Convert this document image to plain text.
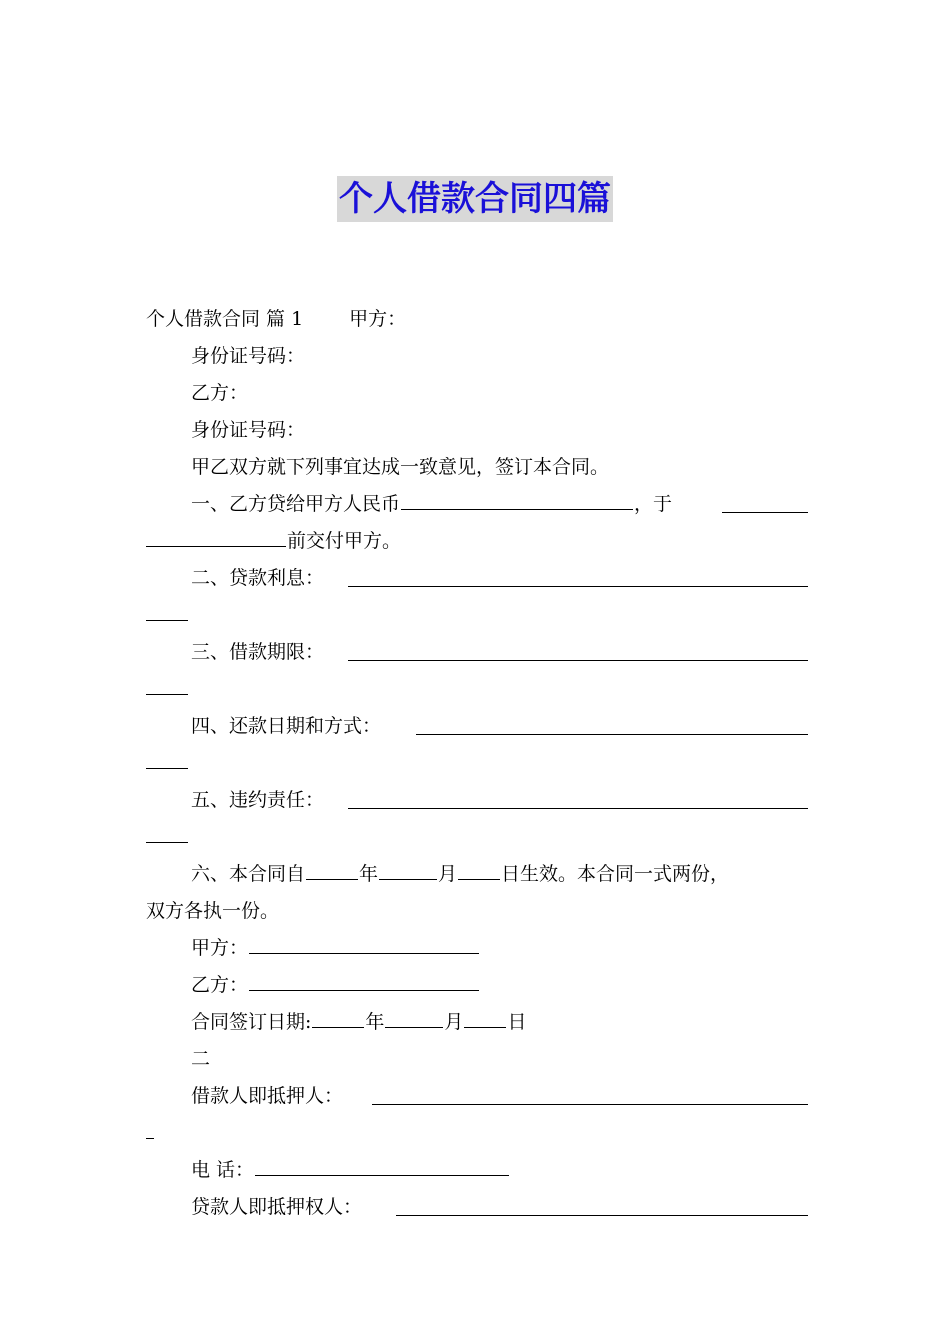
个人借款合同四篇
个人借款合同 篇 1 甲方：
身份证号码：
乙方：
身份证号码：
甲乙双方就下列事宜达成一致意见，签订本合同。
一、乙方贷给甲方人民币	，于
前交付甲方。
二、贷款利息：
三、借款期限：
四、还款日期和方式：
五、违约责任：
六、本合同自	年	月 日生效。本合同一式两份，
双方各执一份。
甲方：
乙方：
合同签订日期:	年	月 日
二
借款人即抵押人：
电 话：
贷款人即抵押权人：
